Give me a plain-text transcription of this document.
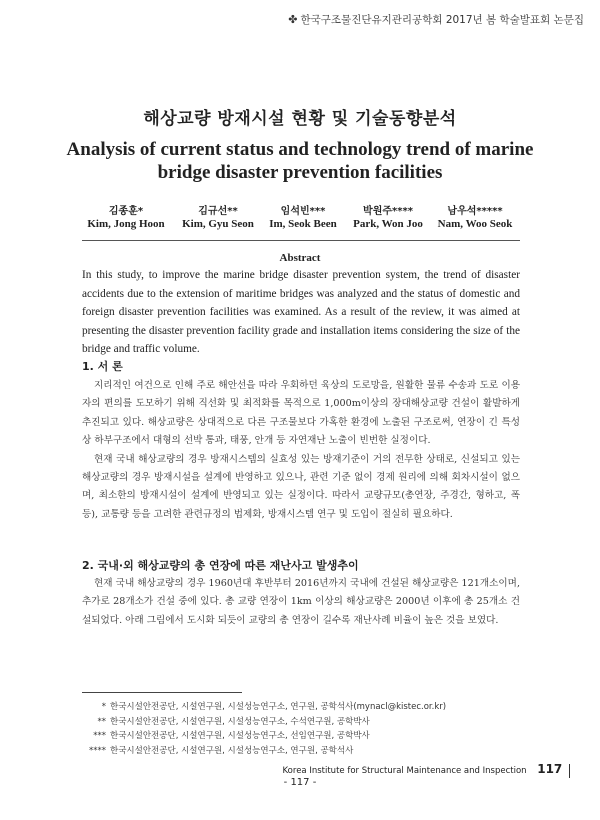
✤ 한국구조물진단유지관리공학회 2017년 봄 학술발표회 논문집
해상교량 방재시설 현황 및 기술동향분석
Analysis of current status and technology trend of marine
bridge disaster prevention facilities
김종훈*	김규선**	임석빈***	박원주****	남우석*****
Kim, Jong Hoon	Kim, Gyu Seon	Im, Seok Been	Park, Won Joo	Nam, Woo Seok
Abstract
In this study, to improve the marine bridge disaster prevention system, the trend of disaster accidents due to the extension of maritime bridges was analyzed and the status of domestic and foreign disaster prevention facilities was examined. As a result of the review, it was aimed at presenting the disaster prevention facility grade and installation items considering the size of the bridge and traffic volume.
1. 서 론

지리적인 여건으로 인해 주로 해안선을 따라 우회하던 육상의 도로망을, 원활한 물류 수송과 도로 이용자의 편의를 도모하기 위해 직선화 및 최적화를 목적으로 1,000m이상의 장대해상교량 건설이 활발하게 추진되고 있다. 해상교량은 상대적으로 다른 구조물보다 가혹한 환경에 노출된 구조로써, 연장이 긴 특성상 하부구조에서 대형의 선박 통과, 태풍, 안개 등 자연재난 노출이 빈번한 실정이다.

현재 국내 해상교량의 경우 방재시스템의 실효성 있는 방재기준이 거의 전무한 상태로, 신설되고 있는 해상교량의 경우 방재시설을 설계에 반영하고 있으나, 관련 기준 없이 경제 원리에 의해 회차시설이 없으며, 최소한의 방재시설이 설계에 반영되고 있는 실정이다. 따라서 교량규모(총연장, 주경간, 형하고, 폭 등), 교통량 등을 고려한 관련규정의 법제화, 방재시스템 연구 및 도입이 절실히 필요하다.

2. 국내·외 해상교량의 총 연장에 따른 재난사고 발생추이

현재 국내 해상교량의 경우 1960년대 후반부터 2016년까지 국내에 건설된 해상교량은 121개소이며, 추가로 28개소가 건설 중에 있다. 총 교량 연장이 1km 이상의 해상교량은 2000년 이후에 총 25개소 건설되었다. 아래 그림에서 도시화 되듯이 교량의 총 연장이 길수록 재난사례 비율이 높은 것을 보였다.

* 한국시설안전공단, 시설연구원, 시설성능연구소, 연구원, 공학석사(mynacl@kistec.or.kr)
** 한국시설안전공단, 시설연구원, 시설성능연구소, 수석연구원, 공학박사
*** 한국시설안전공단, 시설연구원, 시설성능연구소, 선임연구원, 공학박사
**** 한국시설안전공단, 시설연구원, 시설성능연구소, 연구원, 공학석사
Korea Institute for Structural Maintenance and Inspection 117
- 117 -
